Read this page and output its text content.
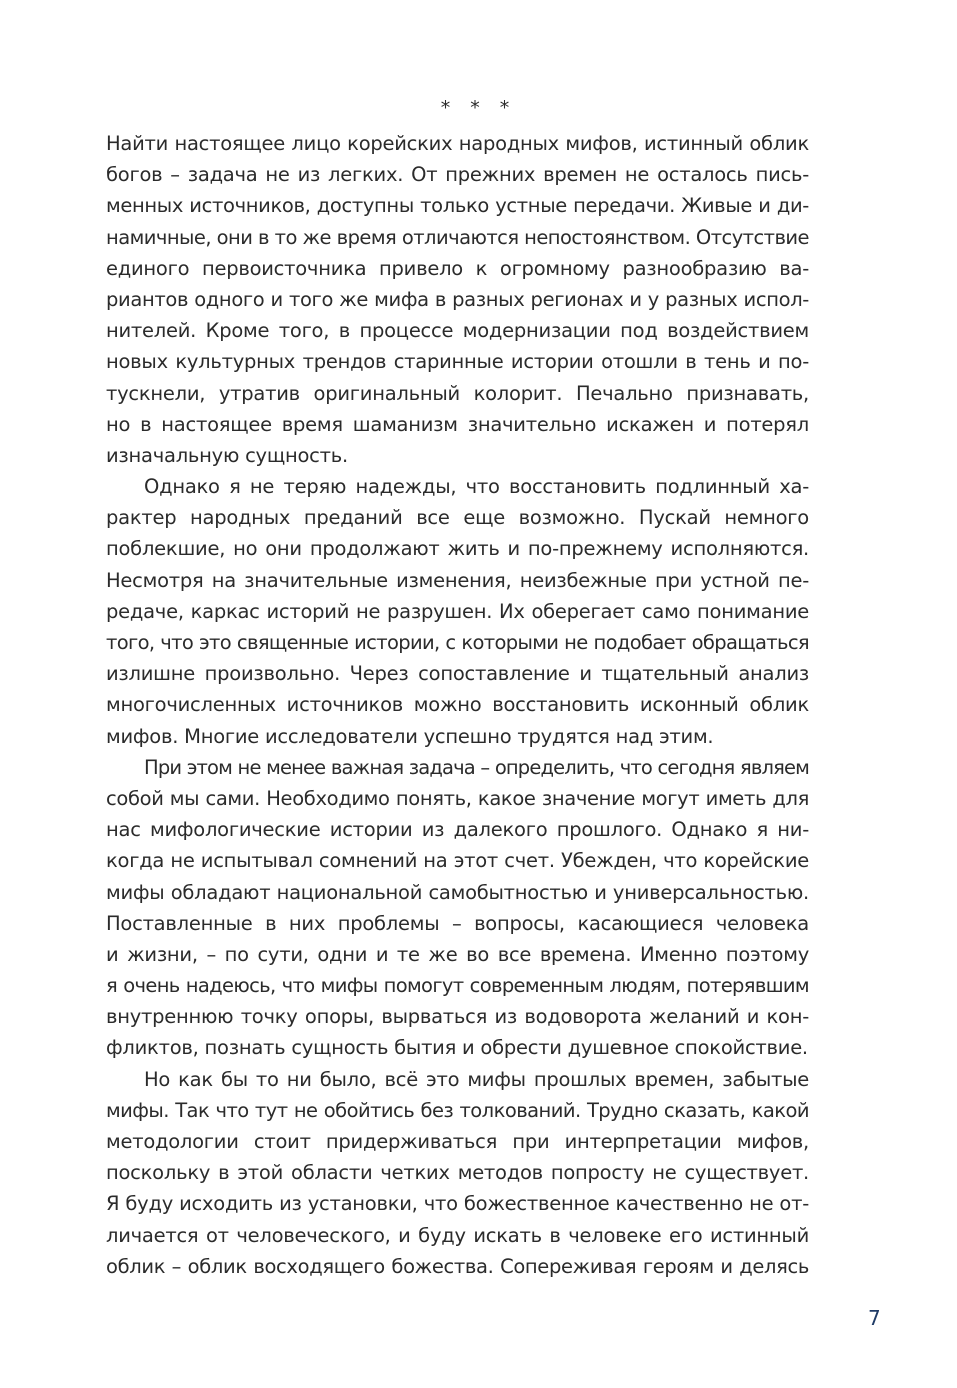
* * *
Найти настоящее лицо корейских народных мифов, истинный облик
богов – задача не из легких. От прежних времен не осталось пись-
менных источников, доступны только устные передачи. Живые и ди-
намичные, они в то же время отличаются непостоянством. Отсутствие
единого первоисточника привело к огромному разнообразию ва-
риантов одного и того же мифа в разных регионах и у разных испол-
нителей. Кроме того, в процессе модернизации под воздействием
новых культурных трендов старинные истории отошли в тень и по-
тускнели, утратив оригинальный колорит. Печально признавать,
но в настоящее время шаманизм значительно искажен и потерял
изначальную сущность.
Однако я не теряю надежды, что восстановить подлинный ха-
рактер народных преданий все еще возможно. Пускай немного
поблекшие, но они продолжают жить и по-прежнему исполняются.
Несмотря на значительные изменения, неизбежные при устной пе-
редаче, каркас историй не разрушен. Их оберегает само понимание
того, что это священные истории, с которыми не подобает обращаться
излишне произвольно. Через сопоставление и тщательный анализ
многочисленных источников можно восстановить исконный облик
мифов. Многие исследователи успешно трудятся над этим.
При этом не менее важная задача – определить, что сегодня являем
собой мы сами. Необходимо понять, какое значение могут иметь для
нас мифологические истории из далекого прошлого. Однако я ни-
когда не испытывал сомнений на этот счет. Убежден, что корейские
мифы обладают национальной самобытностью и универсальностью.
Поставленные в них проблемы – вопросы, касающиеся человека
и жизни, – по сути, одни и те же во все времена. Именно поэтому
я очень надеюсь, что мифы помогут современным людям, потерявшим
внутреннюю точку опоры, вырваться из водоворота желаний и кон-
фликтов, познать сущность бытия и обрести душевное спокойствие.
Но как бы то ни было, всё это мифы прошлых времен, забытые
мифы. Так что тут не обойтись без толкований. Трудно сказать, какой
методологии стоит придерживаться при интерпретации мифов,
поскольку в этой области четких методов попросту не существует.
Я буду исходить из установки, что божественное качественно не от-
личается от человеческого, и буду искать в человеке его истинный
облик – облик восходящего божества. Сопереживая героям и делясь
7
